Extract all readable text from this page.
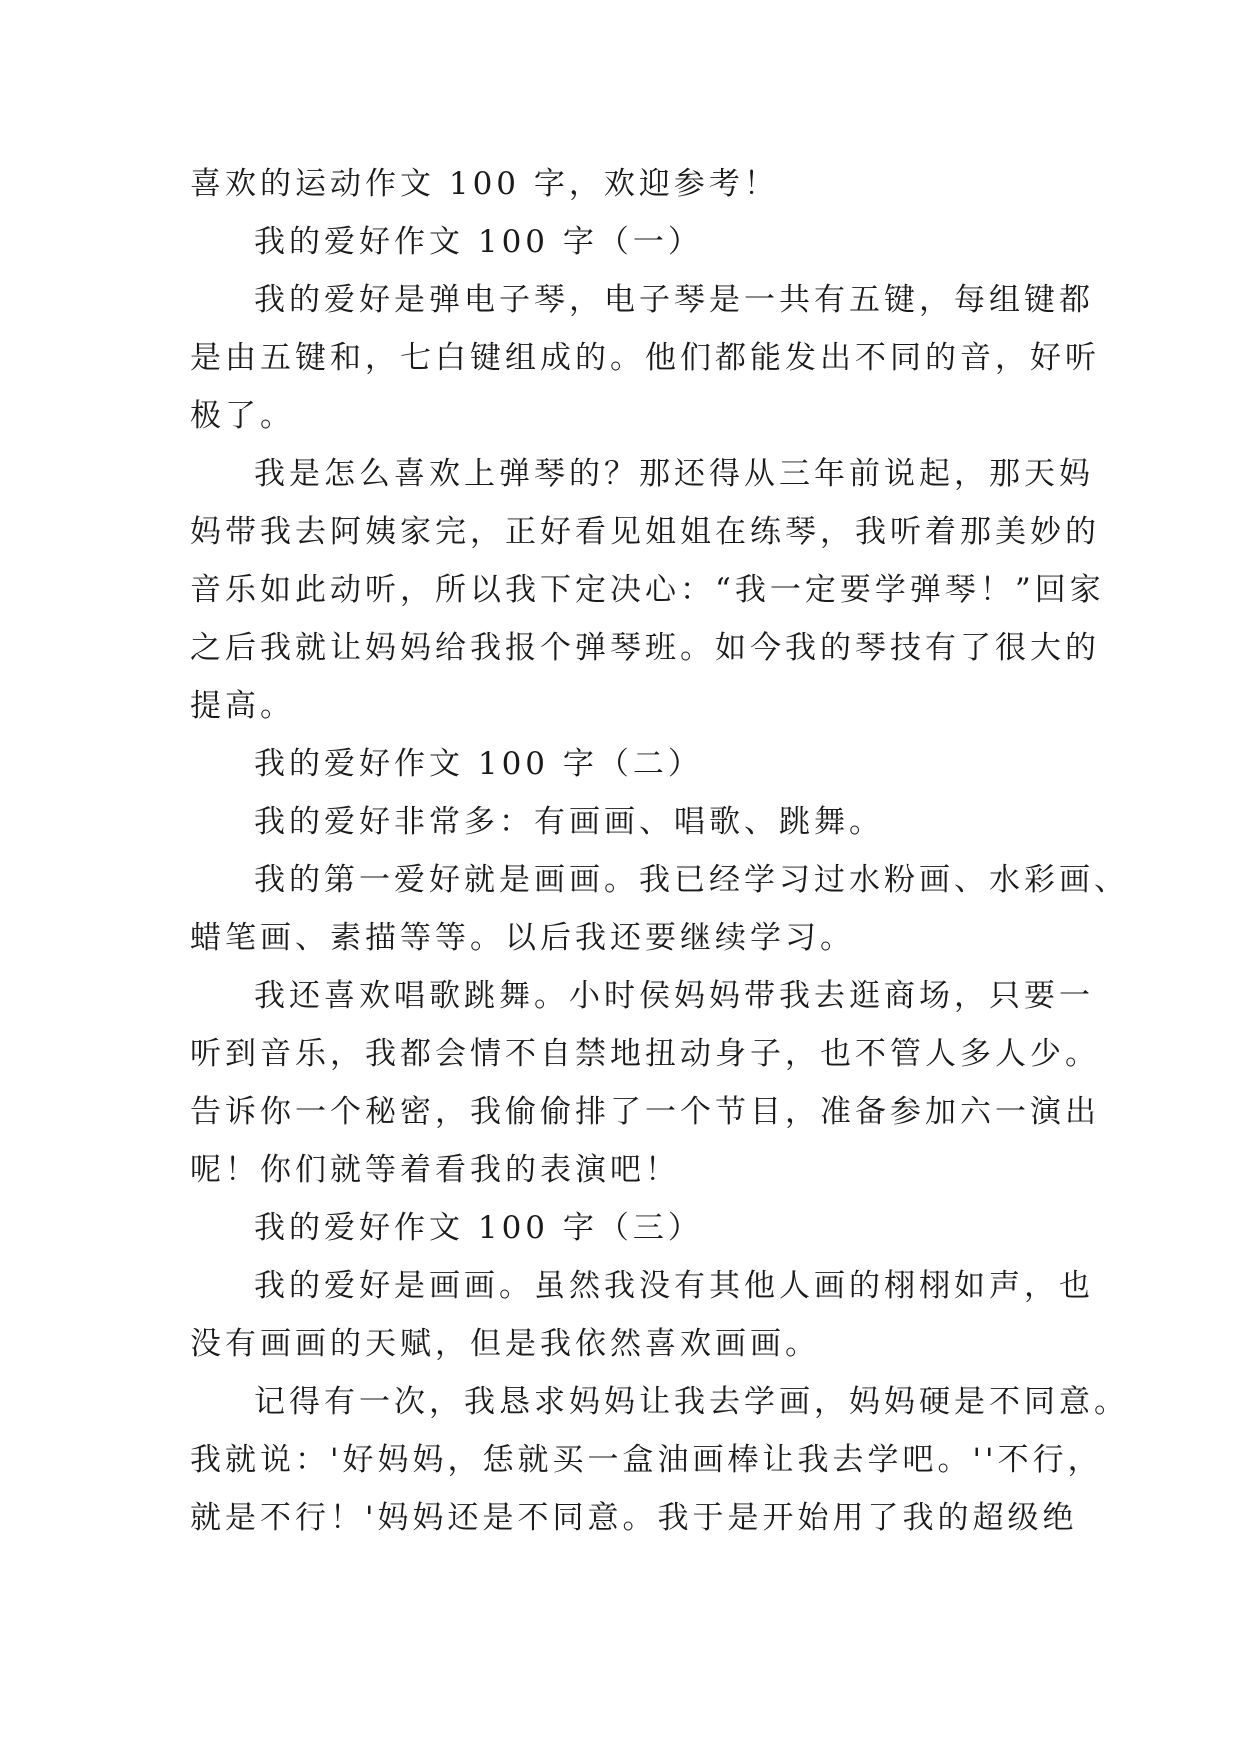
喜欢的运动作文 100 字，欢迎参考！
我的爱好作文 100 字（一）
我的爱好是弹电子琴，电子琴是一共有五键，每组键都
是由五键和，七白键组成的。他们都能发出不同的音，好听
极了。
我是怎么喜欢上弹琴的？那还得从三年前说起，那天妈
妈带我去阿姨家完，正好看见姐姐在练琴，我听着那美妙的
音乐如此动听，所以我下定决心：“我一定要学弹琴！”回家
之后我就让妈妈给我报个弹琴班。如今我的琴技有了很大的
提高。
我的爱好作文 100 字（二）
我的爱好非常多：有画画、唱歌、跳舞。
我的第一爱好就是画画。我已经学习过水粉画、水彩画、
蜡笔画、素描等等。以后我还要继续学习。
我还喜欢唱歌跳舞。小时侯妈妈带我去逛商场，只要一
听到音乐，我都会情不自禁地扭动身子，也不管人多人少。
告诉你一个秘密，我偷偷排了一个节目，准备参加六一演出
呢！你们就等着看我的表演吧！
我的爱好作文 100 字（三）
我的爱好是画画。虽然我没有其他人画的栩栩如声，也
没有画画的天赋，但是我依然喜欢画画。
记得有一次，我恳求妈妈让我去学画，妈妈硬是不同意。
我就说：'好妈妈，恁就买一盒油画棒让我去学吧。''不行，
就是不行！'妈妈还是不同意。我于是开始用了我的超级绝
